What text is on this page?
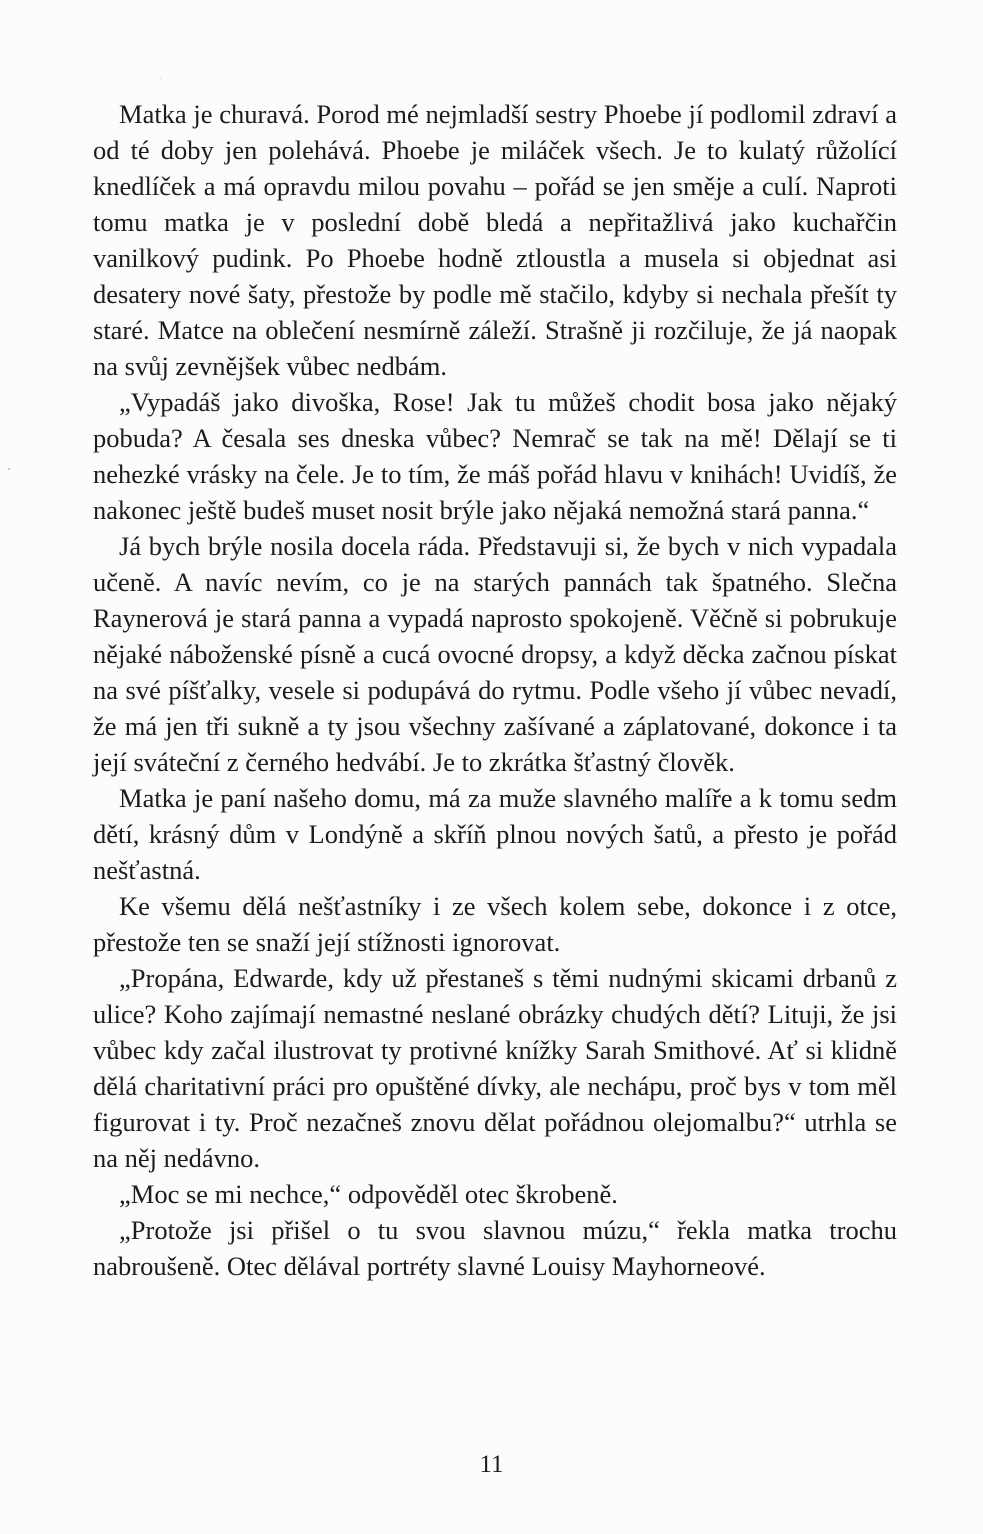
Matka je churavá. Porod mé nejmladší sestry Phoebe jí podlomil zdraví a od té doby jen polehává. Phoebe je miláček všech. Je to kulatý růžolící knedlíček a má opravdu milou povahu – pořád se jen směje a culí. Naproti tomu matka je v poslední době bledá a nepřitažlivá jako kuchařčin vanilkový pudink. Po Phoebe hodně ztloustla a musela si objednat asi desatery nové šaty, přestože by podle mě stačilo, kdyby si nechala přešít ty staré. Matce na oblečení nesmírně záleží. Strašně ji rozčiluje, že já naopak na svůj zevnějšek vůbec nedbám.

„Vypadáš jako divoška, Rose! Jak tu můžeš chodit bosa jako nějaký pobuda? A česala ses dneska vůbec? Nemrač se tak na mě! Dělají se ti nehezké vrásky na čele. Je to tím, že máš pořád hlavu v knihách! Uvidíš, že nakonec ještě budeš muset nosit brýle jako nějaká nemožná stará panna.“

Já bych brýle nosila docela ráda. Představuji si, že bych v nich vypadala učeně. A navíc nevím, co je na starých pannách tak špatného. Slečna Raynerová je stará panna a vypadá naprosto spokojeně. Věčně si pobrukuje nějaké náboženské písně a cucá ovocné dropsy, a když děcka začnou pískat na své píšťalky, vesele si podupává do rytmu. Podle všeho jí vůbec nevadí, že má jen tři sukně a ty jsou všechny zašívané a záplatované, dokonce i ta její sváteční z černého hedvábí. Je to zkrátka šťastný člověk.

Matka je paní našeho domu, má za muže slavného malíře a k tomu sedm dětí, krásný dům v Londýně a skříň plnou nových šatů, a přesto je pořád nešťastná.

Ke všemu dělá nešťastníky i ze všech kolem sebe, dokonce i z otce, přestože ten se snaží její stížnosti ignorovat.

„Propána, Edwarde, kdy už přestaneš s těmi nudnými skicami drbanů z ulice? Koho zajímají nemastné neslané obrázky chudých dětí? Lituji, že jsi vůbec kdy začal ilustrovat ty protivné knížky Sarah Smithové. Ať si klidně dělá charitativní práci pro opuštěné dívky, ale nechápu, proč bys v tom měl figurovat i ty. Proč nezačneš znovu dělat pořádnou olejomalbu?“ utrhla se na něj nedávno.

„Moc se mi nechce,“ odpověděl otec škrobeně.

„Protože jsi přišel o tu svou slavnou múzu,“ řekla matka trochu nabroušeně. Otec dělával portréty slavné Louisy Mayhorneové.

11
